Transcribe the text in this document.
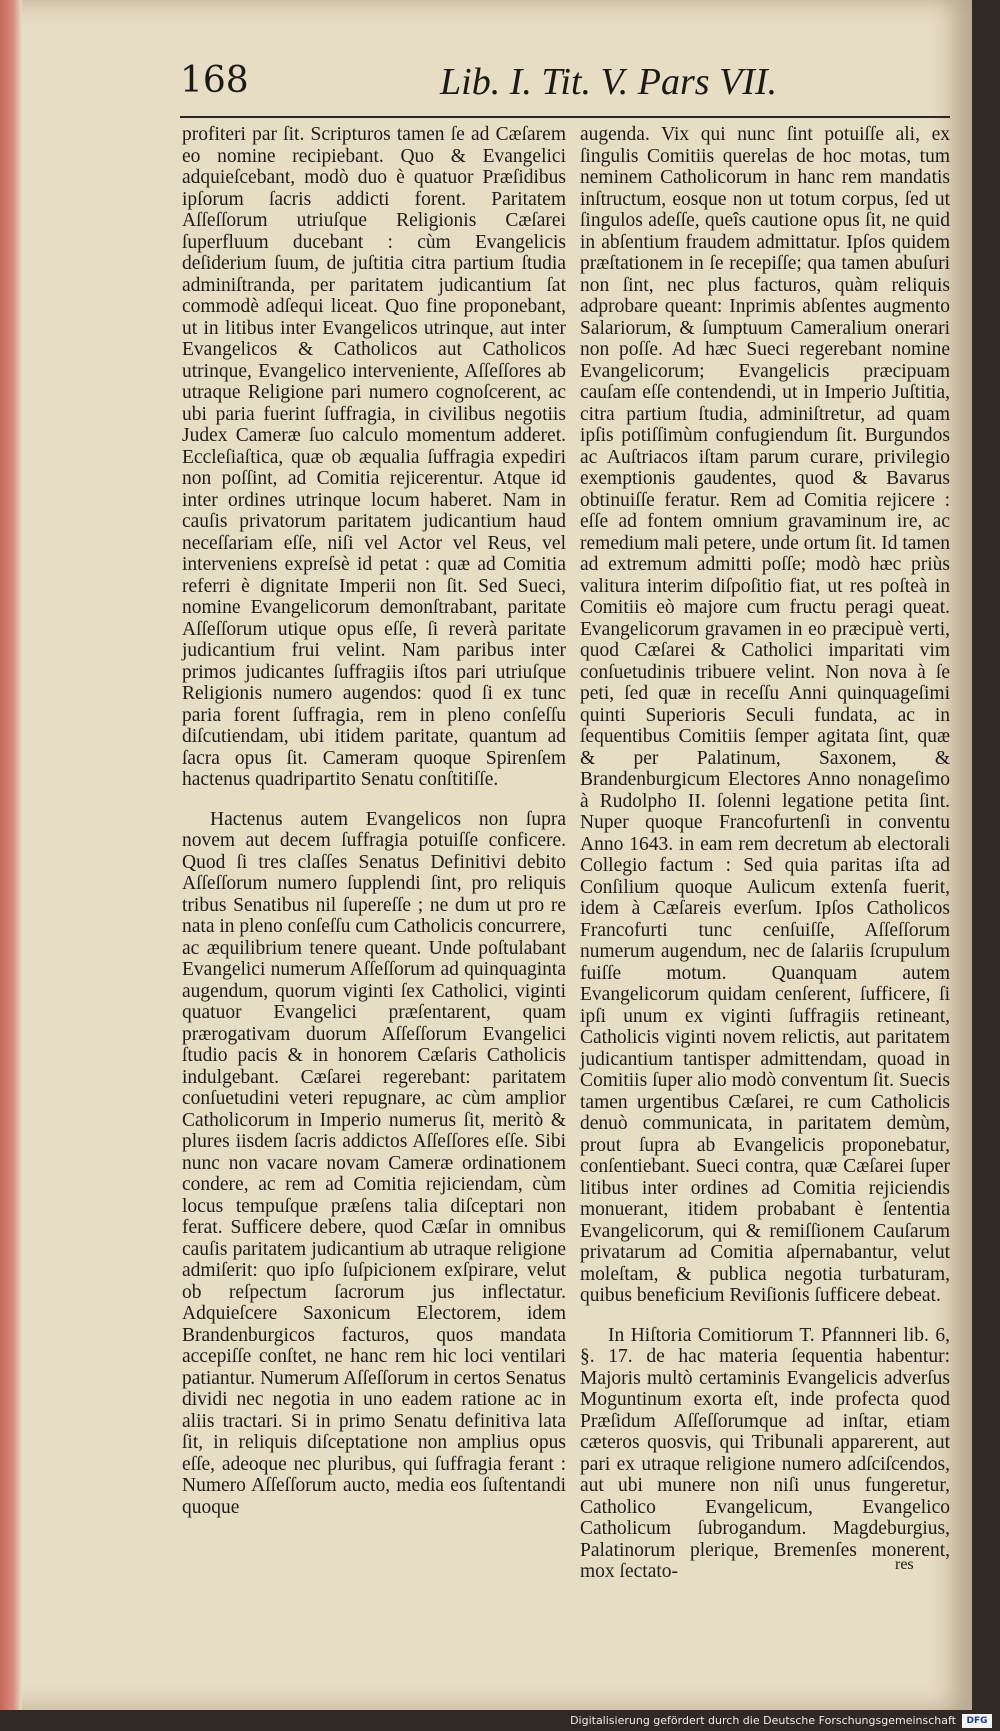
168	Lib. I. Tit. V. Pars VII.

profiteri par ſit. Scripturos tamen ſe ad Cæſarem eo nomine recipiebant. Quo & Evangelici adquieſcebant, modò duo è quatuor Præſidibus ipſorum ſacris addicti forent. Paritatem Aſſeſſorum utriuſque Religionis Cæſarei ſuperfluum ducebant : cùm Evangelicis deſiderium ſuum, de juſtitia citra partium ſtudia adminiſtranda, per paritatem judicantium ſat commodè adſequi liceat. Quo fine proponebant, ut in litibus inter Evangelicos utrinque, aut inter Evangelicos & Catholicos aut Catholicos utrinque, Evangelico interveniente, Aſſeſſores ab utraque Religione pari numero cognoſcerent, ac ubi paria fuerint ſuffragia, in civilibus negotiis Judex Cameræ ſuo calculo momentum adderet. Eccleſiaſtica, quæ ob æqualia ſuffragia expediri non poſſint, ad Comitia rejicerentur. Atque id inter ordines utrinque locum haberet. Nam in cauſis privatorum paritatem judicantium haud neceſſariam eſſe, niſi vel Actor vel Reus, vel interveniens expreſsè id petat : quæ ad Comitia referri è dignitate Imperii non ſit. Sed Sueci, nomine Evangelicorum demonſtrabant, paritate Aſſeſſorum utique opus eſſe, ſi reverà paritate judicantium frui velint. Nam paribus inter primos judicantes ſuffragiis iſtos pari utriuſque Religionis numero augendos: quod ſi ex tunc paria forent ſuffragia, rem in pleno conſeſſu diſcutiendam, ubi itidem paritate, quantum ad ſacra opus ſit. Cameram quoque Spirenſem hactenus quadripartito Senatu conſtitiſſe.

Hactenus autem Evangelicos non ſupra novem aut decem ſuffragia potuiſſe conficere. Quod ſi tres claſſes Senatus Definitivi debito Aſſeſſorum numero ſupplendi ſint, pro reliquis tribus Senatibus nil ſupereſſe ; ne dum ut pro re nata in pleno conſeſſu cum Catholicis concurrere, ac æquilibrium tenere queant. Unde poſtulabant Evangelici numerum Aſſeſſorum ad quinquaginta augendum, quorum viginti ſex Catholici, viginti quatuor Evangelici præſentarent, quam prærogativam duorum Aſſeſſorum Evangelici ſtudio pacis & in honorem Cæſaris Catholicis indulgebant. Cæſarei regerebant: paritatem conſuetudini veteri repugnare, ac cùm amplior Catholicorum in Imperio numerus ſit, meritò & plures iisdem ſacris addictos Aſſeſſores eſſe. Sibi nunc non vacare novam Cameræ ordinationem condere, ac rem ad Comitia rejiciendam, cùm locus tempuſque præſens talia diſceptari non ferat. Sufficere debere, quod Cæſar in omnibus cauſis paritatem judicantium ab utraque religione admiſerit: quo ipſo ſuſpicionem exſpirare, velut ob reſpectum ſacrorum jus inflectatur. Adquieſcere Saxonicum Electorem, idem Brandenburgicos facturos, quos mandata accepiſſe conſtet, ne hanc rem hic loci ventilari patiantur. Numerum Aſſeſſorum in certos Senatus dividi nec negotia in uno eadem ratione ac in aliis tractari. Si in primo Senatu definitiva lata ſit, in reliquis diſceptatione non amplius opus eſſe, adeoque nec pluribus, qui ſuffragia ferant : Numero Aſſeſſorum aucto, media eos ſuſtentandi quoque

augenda. Vix qui nunc ſint potuiſſe ali, ex ſingulis Comitiis querelas de hoc motas, tum neminem Catholicorum in hanc rem mandatis inſtructum, eosque non ut totum corpus, ſed ut ſingulos adeſſe, queîs cautione opus ſit, ne quid in abſentium fraudem admittatur. Ipſos quidem præſtationem in ſe recepiſſe; qua tamen abuſuri non ſint, nec plus facturos, quàm reliquis adprobare queant: Inprimis abſentes augmento Salariorum, & ſumptuum Cameralium onerari non poſſe. Ad hæc Sueci regerebant nomine Evangelicorum; Evangelicis præcipuam cauſam eſſe contendendi, ut in Imperio Juſtitia, citra partium ſtudia, adminiſtretur, ad quam ipſis potiſſimùm confugiendum ſit. Burgundos ac Auſtriacos iſtam parum curare, privilegio exemptionis gaudentes, quod & Bavarus obtinuiſſe feratur. Rem ad Comitia rejicere : eſſe ad fontem omnium gravaminum ire, ac remedium mali petere, unde ortum ſit. Id tamen ad extremum admitti poſſe; modò hæc priùs valitura interim diſpoſitio fiat, ut res poſteà in Comitiis eò majore cum fructu peragi queat. Evangelicorum gravamen in eo præcipuè verti, quod Cæſarei & Catholici imparitati vim conſuetudinis tribuere velint. Non nova à ſe peti, ſed quæ in receſſu Anni quinquageſimi quinti Superioris Seculi fundata, ac in ſequentibus Comitiis ſemper agitata ſint, quæ & per Palatinum, Saxonem, & Brandenburgicum Electores Anno nonageſimo à Rudolpho II. ſolenni legatione petita ſint. Nuper quoque Francofurtenſi in conventu Anno 1643. in eam rem decretum ab electorali Collegio factum : Sed quia paritas iſta ad Conſilium quoque Aulicum extenſa fuerit, idem à Cæſareis everſum. Ipſos Catholicos Francofurti tunc cenſuiſſe, Aſſeſſorum numerum augendum, nec de ſalariis ſcrupulum fuiſſe motum. Quanquam autem Evangelicorum quidam cenſerent, ſufficere, ſi ipſi unum ex viginti ſuffragiis retineant, Catholicis viginti novem relictis, aut paritatem judicantium tantisper admittendam, quoad in Comitiis ſuper alio modò conventum ſit. Suecis tamen urgentibus Cæſarei, re cum Catholicis denuò communicata, in paritatem demùm, prout ſupra ab Evangelicis proponebatur, conſentiebant. Sueci contra, quæ Cæſarei ſuper litibus inter ordines ad Comitia rejiciendis monuerant, itidem probabant è ſententia Evangelicorum, qui & remiſſionem Cauſarum privatarum ad Comitia aſpernabantur, velut moleſtam, & publica negotia turbaturam, quibus beneficium Reviſionis ſufficere debeat.

In Hiſtoria Comitiorum T. Pfannneri lib. 6, §. 17. de hac materia ſequentia habentur: Majoris multò certaminis Evangelicis adverſus Moguntinum exorta eſt, inde profecta quod Præſidum Aſſeſſorumque ad inſtar, etiam cæteros quosvis, qui Tribunali apparerent, aut pari ex utraque religione numero adſciſcendos, aut ubi munere non niſi unus fungeretur, Catholico Evangelicum, Evangelico Catholicum ſubrogandum. Magdeburgius, Palatinorum plerique, Bremenſes monerent, mox ſectato-	res
Digitalisierung gefördert durch die Deutsche Forschungsgemeinschaft	DFG
